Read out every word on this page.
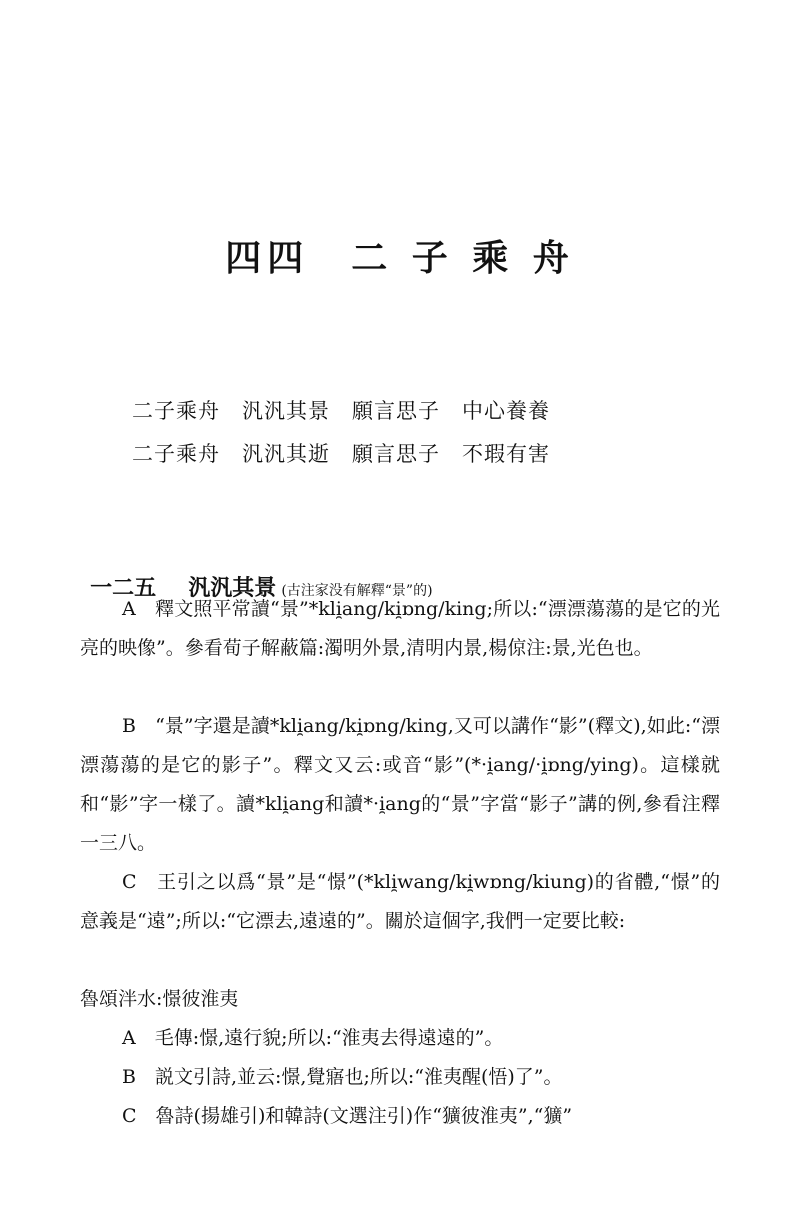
四四　二 子 乘 舟
二子乘舟　汎汎其景　願言思子　中心養養
二子乘舟　汎汎其逝　願言思子　不瑕有害

一二五　　 汎汎其景 (古注家没有解釋“景”的)

A　釋文照平常讀“景”*kli̯ang/ki̯ɒng/king;所以:“漂漂蕩蕩的是它的光亮的映像”。參看荀子解蔽篇:濁明外景,清明内景,楊倞注:景,光色也。

B　“景”字還是讀*kli̯ang/ki̯ɒng/king,又可以講作“影”(釋文),如此:“漂漂蕩蕩的是它的影子”。釋文又云:或音“影”(*·i̯ang/·i̯ɒng/ying)。這樣就和“影”字一樣了。讀*kli̯ang和讀*·i̯ang的“景”字當“影子”講的例,參看注釋一三八。

C　王引之以爲“景”是“憬”(*kli̯wang/ki̯wɒng/kiung)的省體,“憬”的意義是“遠”;所以:“它漂去,遠遠的”。關於這個字,我們一定要比較:

魯頌泮水:憬彼淮夷
A　毛傳:憬,遠行貌;所以:“淮夷去得遠遠的”。
B　説文引詩,並云:憬,覺寤也;所以:“淮夷醒(悟)了”。
C　魯詩(揚雄引)和韓詩(文選注引)作“獷彼淮夷”,“獷”
